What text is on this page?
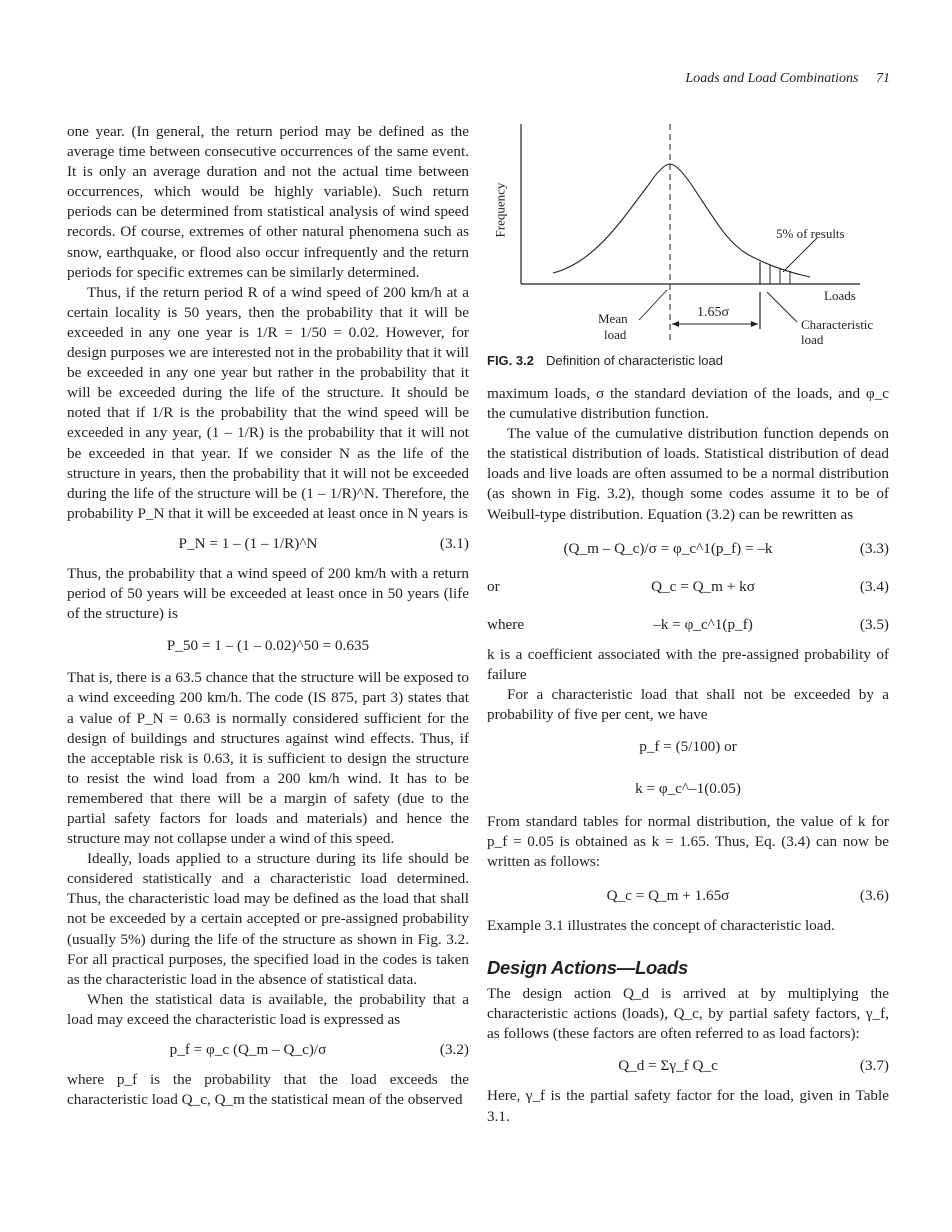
Loads and Load Combinations 71
Frequency	5% of results
Loads
Mean
load
1.65σ
Characteristic
load
FIG. 3.2 Definition of characteristic load

one year. (In general, the return period may be defined as the average time between consecutive occurrences of the same event. It is only an average duration and not the actual time between occurrences, which would be highly variable). Such return periods can be determined from statistical analysis of wind speed records. Of course, extremes of other natural phenomena such as snow, earthquake, or flood also occur infrequently and the return periods for specific extremes can be similarly determined.

Thus, if the return period R of a wind speed of 200 km/h at a certain locality is 50 years, then the probability that it will be exceeded in any one year is 1/R = 1/50 = 0.02. However, for design purposes we are interested not in the probability that it will be exceeded in any one year but rather in the probability that it will be exceeded during the life of the structure. It should be noted that if 1/R is the probability that the wind speed will be exceeded in any year, (1 – 1/R) is the probability that it will not be exceeded in that year. If we consider N as the life of the structure in years, then the probability that it will not be exceeded during the life of the structure will be (1 – 1/R)^N. Therefore, the probability P_N that it will be exceeded at least once in N years is

P_N = 1 – (1 – 1/R)^N	(3.1)

Thus, the probability that a wind speed of 200 km/h with a return period of 50 years will be exceeded at least once in 50 years (life of the structure) is

P_50 = 1 – (1 – 0.02)^50 = 0.635

That is, there is a 63.5 chance that the structure will be exposed to a wind exceeding 200 km/h. The code (IS 875, part 3) states that a value of P_N = 0.63 is normally considered sufficient for the design of buildings and structures against wind effects. Thus, if the acceptable risk is 0.63, it is sufficient to design the structure to resist the wind load from a 200 km/h wind. It has to be remembered that there will be a margin of safety (due to the partial safety factors for loads and materials) and hence the structure may not collapse under a wind of this speed.

Ideally, loads applied to a structure during its life should be considered statistically and a characteristic load determined. Thus, the characteristic load may be defined as the load that shall not be exceeded by a certain accepted or pre-assigned probability (usually 5%) during the life of the structure as shown in Fig. 3.2. For all practical purposes, the specified load in the codes is taken as the characteristic load in the absence of statistical data.

When the statistical data is available, the probability that a load may exceed the characteristic load is expressed as

p_f = φ_c (Q_m – Q_c)/σ	(3.2)

where p_f is the probability that the load exceeds the characteristic load Q_c, Q_m the statistical mean of the observed

maximum loads, σ the standard deviation of the loads, and φ_c the cumulative distribution function.

The value of the cumulative distribution function depends on the statistical distribution of loads. Statistical distribution of dead loads and live loads are often assumed to be a normal distribution (as shown in Fig. 3.2), though some codes assume it to be of Weibull-type distribution. Equation (3.2) can be rewritten as

(Q_m – Q_c)/σ = φ_c^1(p_f) = –k	(3.3)
or	Q_c = Q_m + kσ	(3.4)
where	–k = φ_c^1(p_f)	(3.5)

k is a coefficient associated with the pre-assigned probability of failure

For a characteristic load that shall not be exceeded by a probability of five per cent, we have

p_f = (5/100) or
k = φ_c^–1(0.05)

From standard tables for normal distribution, the value of k for p_f = 0.05 is obtained as k = 1.65. Thus, Eq. (3.4) can now be written as follows:

Q_c = Q_m + 1.65σ	(3.6)

Example 3.1 illustrates the concept of characteristic load.

Design Actions—Loads

The design action Q_d is arrived at by multiplying the characteristic actions (loads), Q_c, by partial safety factors, γ_f, as follows (these factors are often referred to as load factors):

Q_d = Σγ_f Q_c	(3.7)

Here, γ_f is the partial safety factor for the load, given in Table 3.1.
